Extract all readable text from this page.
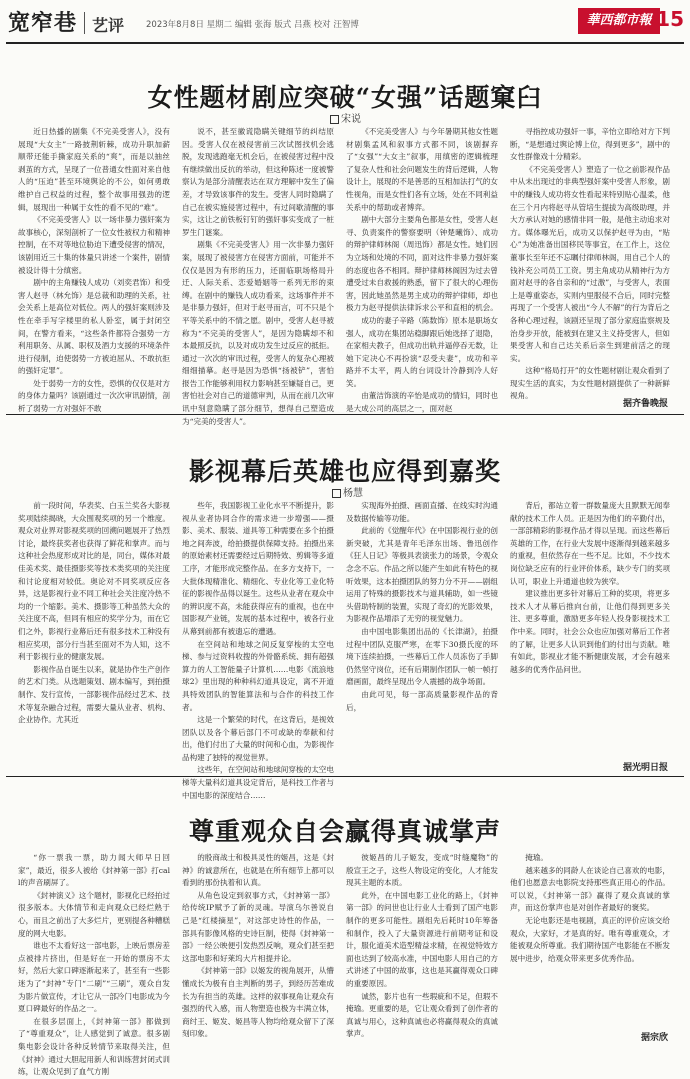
宽窄巷 艺评	2023年8月8日 星期二 编辑 张海 版式 吕燕 校对 汪智博	華西都市報 15
女性题材剧应突破“女强”话题窠臼
宋说

近日热播的剧集《不完美受害人》，没有展现“大女主”一路披荆斩棘，成功升职加薪顺带还能手撕家庭关系的“爽”，而是以抽丝剥茧的方式，呈现了一位普通女性面对来自他人的“压迫”甚至环境舆论的不公，如何勇敢维护自己权益的过程，整个故事用强劲的逻辑，展现出一种属于女性的看不见的“难”。

《不完美受害人》以一场非暴力强奸案为故事核心，深刻剖析了一位女性被权力和精神控制，在不对等地位胁迫下遭受侵害的情况，该剧用近三十集的体量只讲述一个案件，剧情被设计得十分缜密。

剧中的主角赚钱人成功（刘奕君饰）和受害人赵寻（林允饰）是总裁和助理的关系，社会关系上是高位对低位。两人的强奸案则涉及性在牵手写字楼里的私人卧室，属于封闭空间，在警方看来，“这些条件都符合强势一方利用职务、从属、职权及酒力支援的环境条件进行侵制，迫使弱势一方被迫屈从、不敢抗拒的强奸定罪”。

处于弱势一方的女性，恐惧的仅仅是对方的身体力量吗？该剧通过一次次审讯剧情，剖析了弱势一方对强奸不敢

说不，甚至徽谎隐瞒关键细节的纠结原因。受害人仅在被侵害前三次试图找机会逃脱，发现逃跑毫无机会后，在被侵害过程中没有继续做出反抗的举动，但这种陈述一度被警察认为是部分清醒表达在双方理解中发生了偏差，才导致该事件的发生。受害人同时隐瞒了自己在被实施侵害过程中，有过间歇清醒的事实，这让之前铁板钉钉的强奸事实变成了一桩罗生门谜案。

剧集《不完美受害人》用一次非暴力强奸案，展现了被侵害方在侵害方面前，可能并不仅仅是因为有形的压力，还面临职场格局升迁、人际关系、恋爱婚姻等一系列无形的束缚。在剧中的赚钱人成功看来，这场事件并不是非暴力强奸，但对于赵寻而言，可不只是个平等关系中的不情之愿。剧中，受害人赵寻被称为“不完美的受害人”，是因为隐瞒却不和本最照反抗，以及对成功发生过反应的抵拒。通过一次次的审讯过程，受害人的复杂心理被细细描摹。赵寻是因为恐惧“扬被铲”，害怕报告工作能够利用权力影响甚至嫌疑自己，更害怕社会对自己的道德审判，从而在前几次审讯中刻意隐瞒了部分细节，想得自己塑造成为“完美的受害人”。

《不完美受害人》与今年暑期其他女性题材剧集孟风和叙事方式都不同，该剧摒弃了“女强”“大女主”叙事，用缜密的逻辑梳理了复杂人性和社会问题发生的背后逻辑，人物设计上，展现的不是善恶的互相加法打气的女性视角，而是女性们各有立场，处在不同利益关系中的帮助或者博弈。

剧中大部分主要角色都是女性，受害人赵寻、负责案件的警察要明（钟楚曦饰）、成功的辩护律师林阁（周迅饰）都是女性。她们因为立场和处境的不同，面对这件非暴力强奸案的态度也各不相同。辩护律师林阁因为过去曾遭受过未自救援的熟悉，留下了很大的心理伤害，因此她虽然是男主成功的辩护律师，却也极力为赵寻提供法律诉求公平和直相的机会。

成功的妻子辛路（陈数饰）原本是职场女强人，成功在集团站稳脚跟后她选择了退隐，在家相夫教子，但成功出轨并逼停吞无数，让她下定决心不再扮演“忍受夫妻”，成功和辛路并不太平，两人的台词设计冷静到冷人好笑。

由董洁饰演的辛怡是成功的情妇，同时也是大成公司的高层之一，面对赵

寻指控成功强奸一事，辛怡立即给对方下判断，“是想通过舆论博上位，得到更多”，剧中的女性群像戏十分精彩。

《不完美受害人》塑造了一位之前影视作品中从未出现过的非典型强奸案中受害人形象，剧中的赚钱人成功将女性看起来特别贴心温柔，他在三个月内将赵寻从管培生提拔为高级助理，并大方承认对她的感情非同一般，是他主动追求对方。媒体曝光后，成功又以保护赵寻为由，“贴心”为她准备出国移民等事宜，在工作上，这位董事长至年还不忘瞩付律师林阁，用自己个人的钱补充公司员工工资。男主角成功从精神行为方面对赵寻的各自亲和的“过激”，与受害人，表面上是尊重姿态，实则内里服侵不合后，同时完整再现了一个受害人被出“今人不解”的行为背后之各种心理过程，该剧还呈现了部分家庭监察规及治身步开放，能被到在建又主义持受害人，但如果受害人和自己达关系后亲生到建前活之的现实。

这种“格局打开”的女性题材剧让观众看到了现实生活的真实，为女性题材剧提供了一种新鲜视角。

据齐鲁晚报
影视幕后英雄也应得到嘉奖
杨慧

前一段时间，华表奖、白玉兰奖各大影视奖项陆续揭晓，大众围观奖项的另一个维度。观众对业界对影视奖项的回溯问题展开了热烈讨论，最终获奖者也获得了鲜花和掌声。而与这种社会热度形成对比的是，同台，媒体对最佳美术奖、最佳摄影奖等技术类奖项的关注度和讨论度相对较低。奥论对不同奖项反应各异，这是影视行业不同工种社会关注度冷热不均的一个缩影。美术、摄影等工种虽然大众的关注度不高，但同有相应的奖学分为，而在它们之外，影视行业幕后还有很多技术工种没有相应奖项，部分行当甚至面对不为人知，这不利于影视行业的健康发展。

影视作品自诞生以来，就是协作生产创作的艺术门类。从选题策划、剧本编写，到拍摄制作、发行宣传，一部影视作品经过艺术、技术等复杂融合过程，需要大量从业者、机构、企业协作。尤其近

些年，我国影视工业化水平不断提升，影视从业者协同合作的需求进一步增强——摄影、美术、服装、道具等工种需要在多个拍摄地之间奔波，给拍摄提供保障支持。拍摄出来的原始素材还需要经过后期特效、剪辑等多道工序，才能形成完整作品。在多方支持下，一大批体现精准化、精细化、专业化等工业化特征的影视作品得以诞生。这些从业者在观众中的辨识度不高，未能获得应有的重视，也在中国影视产业链，发展的基本过程中，被各行业从幕到前都有被遗忘的遭遇。

在空间站和地球之间反复穿梭的太空电梯、参与过资料收搜的外骨骼系统、拥有超强算力的人工智能量子计算机……电影《流浪地球2》里出现的种种科幻道具设定，离不开道具特效团队的智能算法和与合作的科技工作者。

这是一个繁荣的时代，在这背后，是视效团队以及各个幕后部门不可或缺的奉献和付出，他们付出了大量的时间和心血，为影视作品构建了独特的视觉世界。

这些年，在空间站和地球间穿梭的太空电梯等大量科幻道具设定背后，是科技工作者与中国电影的深度结合……

实现海外拍摄、画面直播、在线实时沟通及数据传输等功能。

此前的《觉醒年代》在中国影视行业的创新突破，尤其是青年毛泽东出场、鲁迅创作《狂人日记》等极具表演张力的场景，令观众念念不忘。作品之所以能产生如此有特色的视听效果，这本拍摄团队的努力分不开——剧组运用了特殊的摄影技术与道具辅助，如一些镜头借助特制的装置，实现了奇幻的光影效果，为影视作品增添了无穷的视觉魅力。

由中国电影集团出品的《长津湖》，拍摄过程中团队克服严寒，在零下30摄氏度的环境下连续拍摄，一些幕后工作人员冻伤了手脚仍然坚守岗位，还有后期制作团队一帧一帧打磨画面，最终呈现出令人震撼的战争场面。

由此可见，每一部高质量影视作品的背后，

背后，都站立着一群数量庞大且默默无闻奉献的技术工作人员。正是因为他们的辛勤付出，一部部精彩的影视作品才得以呈现。而这些幕后英雄的工作，在行业大发展中逐渐得到越来越多的重视，但依然存在一些不足。比如，不少技术岗位缺乏应有的行业评价体系，缺少专门的奖项认可，职业上升通道也较为狭窄。

建议推出更多针对幕后工种的奖项，将更多技术人才从幕后推向台前，让他们得到更多关注、更多尊重，激励更多年轻人投身影视技术工作中来。同时，社会公众也应加强对幕后工作者的了解，让更多人认识到他们的付出与贡献。唯有如此，影视业才能不断健康发展，才会有越来越多的优秀作品问世。

据光明日报
尊重观众自会赢得真诚掌声

“你一票我一票，助力闻大师早日回家”，最近，很多人被给《封神第一部》打call的声音刷屏了。

《封神演义》这个题材，影视化已经拍过很多版本。大体情节和走向观众已经烂熟于心，而且之前出了大多烂片，更别提各种糟糕度的网大电影。

谁也不太看好这一部电影，上映后票房差点被排片挤出，但是好在一开始的票房不太好，然后大家口碑逐渐起来了，甚至有一些影迷为了“封神”专门“二刷”“三刷”，观众自发为影片做宣传，才让它从一部冷门电影成为今夏口碑最好的作品之一。

在很多层面上，《封神第一部》都做到了“尊重观众”，让人感觉到了诚意。很多剧集电影会设计各种反转情节来取得关注，但《封神》通过大胆起用新人和训练营封闭式训练，让观众见到了血气方刚

的殷商战士和极具灵性的姬昌，这是《封神》的诚意所在，也就是在所有细节上都可以看到的那份执着和认真。

从角色设定到叙事方式，《封神第一部》给传统IP赋予了新的灵魂。导演乌尔善说自己是“红楼摘星”，对这部史诗性的作品，一部具有影像风格的史诗巨制，使得《封神第一部》一经公映便引发热烈反响，观众们甚至把这部电影和好莱坞大片相提并论。

《封神第一部》以姬发的视角展开，从懵懂成长为极有自主判断的男子，到经历苦难成长为有担当的英雄。这样的叙事视角让观众有强烈的代入感，而人物塑造也极为丰满立体，商纣王、姬发、姬昌等人物均给观众留下了深刻印象。

彼姬昌的儿子姬发，变成“时缝魔物”的殷宣王之子，这些人物设定的变化，人才能发现其主题的本质。

此外，在中国电影工业化的路上，《封神第一部》的问世也让行业人士看到了国产电影制作的更多可能性。剧组先后耗时10年筹备和制作，投入了大量资源进行前期考证和设计，服化道美术造型精益求精，在视觉特效方面也达到了较高水准，中国电影人用自己的方式讲述了中国的故事，这也是其赢得观众口碑的重要原因。

诚然，影片也有一些瑕疵和不足，但瑕不掩瑜。更重要的是，它让观众看到了创作者的真诚与用心，这种真诚也必将赢得观众的真诚掌声。

掩瑜。

越来越多的同龄人在谈论自己喜欢的电影，他们也愿意去电影院支持那些真正用心的作品。可以说，《封神第一部》赢得了观众真诚的掌声，而这份掌声也是对创作者最好的褒奖。

无论电影还是电视剧，真正的评价应该交给观众，大家好，才是真的好。唯有尊重观众，才能被观众所尊重。我们期待国产电影能在不断发展中进步，给观众带来更多优秀作品。

据宗欣
